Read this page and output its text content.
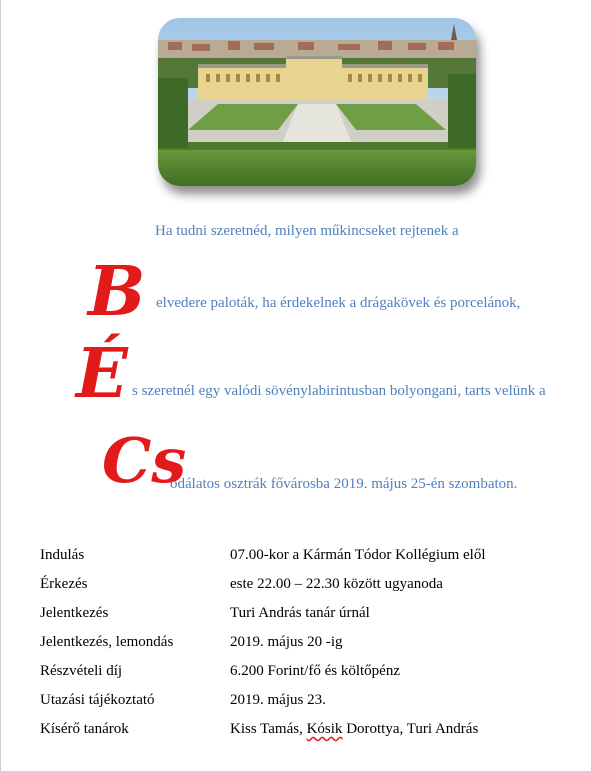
Ha tudni szeretnéd, milyen műkincseket rejtenek a
B elvedere paloták, ha érdekelnek a drágakövek és porcelánok,
É s szeretnél egy valódi sövénylabirintusban bolyongani, tarts velünk a
Cs
odálatos osztrák fővárosba 2019. május 25-én szombaton.
Indulás	07.00-kor a Kármán Tódor Kollégium elől
Érkezés	este 22.00 – 22.30 között ugyanoda
Jelentkezés	Turi András tanár úrnál
Jelentkezés, lemondás	2019. május 20 -ig
Részvételi díj	6.200 Forint/fő és költőpénz
Utazási tájékoztató	2019. május 23.
Kísérő tanárok	Kiss Tamás, Kósik Dorottya, Turi András
